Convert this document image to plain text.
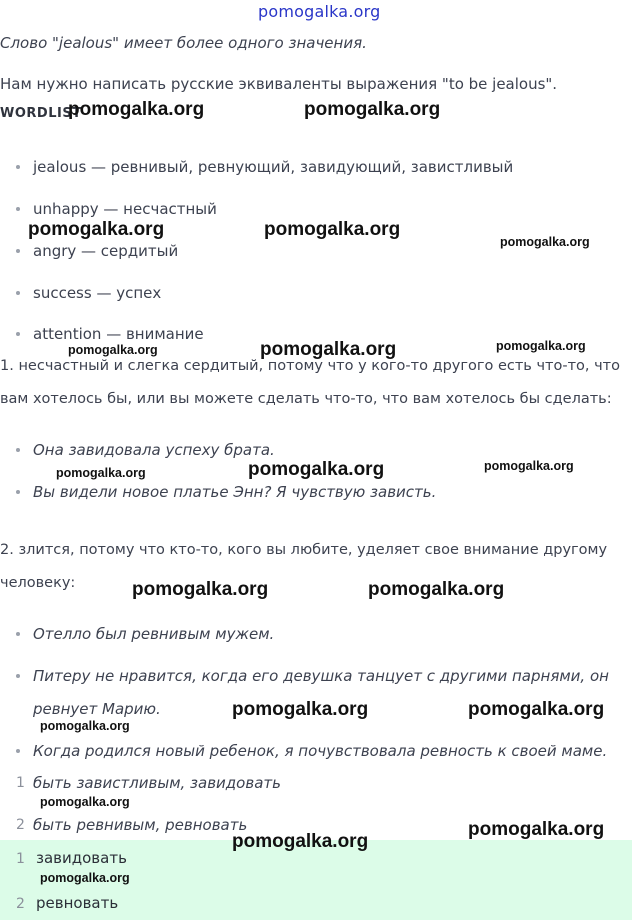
pomogalka.org
Слово "jealous" имеет более одного значения.
Нам нужно написать русские эквиваленты выражения "to be jealous".
WORDLIST
jealous — ревнивый, ревнующий, завидующий, завистливый
unhappy — несчастный
angry — сердитый
success — успех
attention — внимание
1. несчастный и слегка сердитый, потому что у кого-то другого есть что-то, что
вам хотелось бы, или вы можете сделать что-то, что вам хотелось бы сделать:
Она завидовала успеху брата.
Вы видели новое платье Энн? Я чувствую зависть.
2. злится, потому что кто-то, кого вы любите, уделяет свое внимание другому
человеку:
Отелло был ревнивым мужем.
Питеру не нравится, когда его девушка танцует с другими парнями, он
ревнует Марию.
Когда родился новый ребенок, я почувствовала ревность к своей маме.
1 быть завистливым, завидовать
2 быть ревнивым, ревновать
1 завидовать
2 ревновать
pomogalka.org	pomogalka.org
pomogalka.org	pomogalka.org
pomogalka.org
pomogalka.org	pomogalka.org	pomogalka.org
pomogalka.org	pomogalka.org	pomogalka.org
pomogalka.org	pomogalka.org
pomogalka.org
pomogalka.org	pomogalka.org
pomogalka.org
pomogalka.org
pomogalka.org
pomogalka.org
